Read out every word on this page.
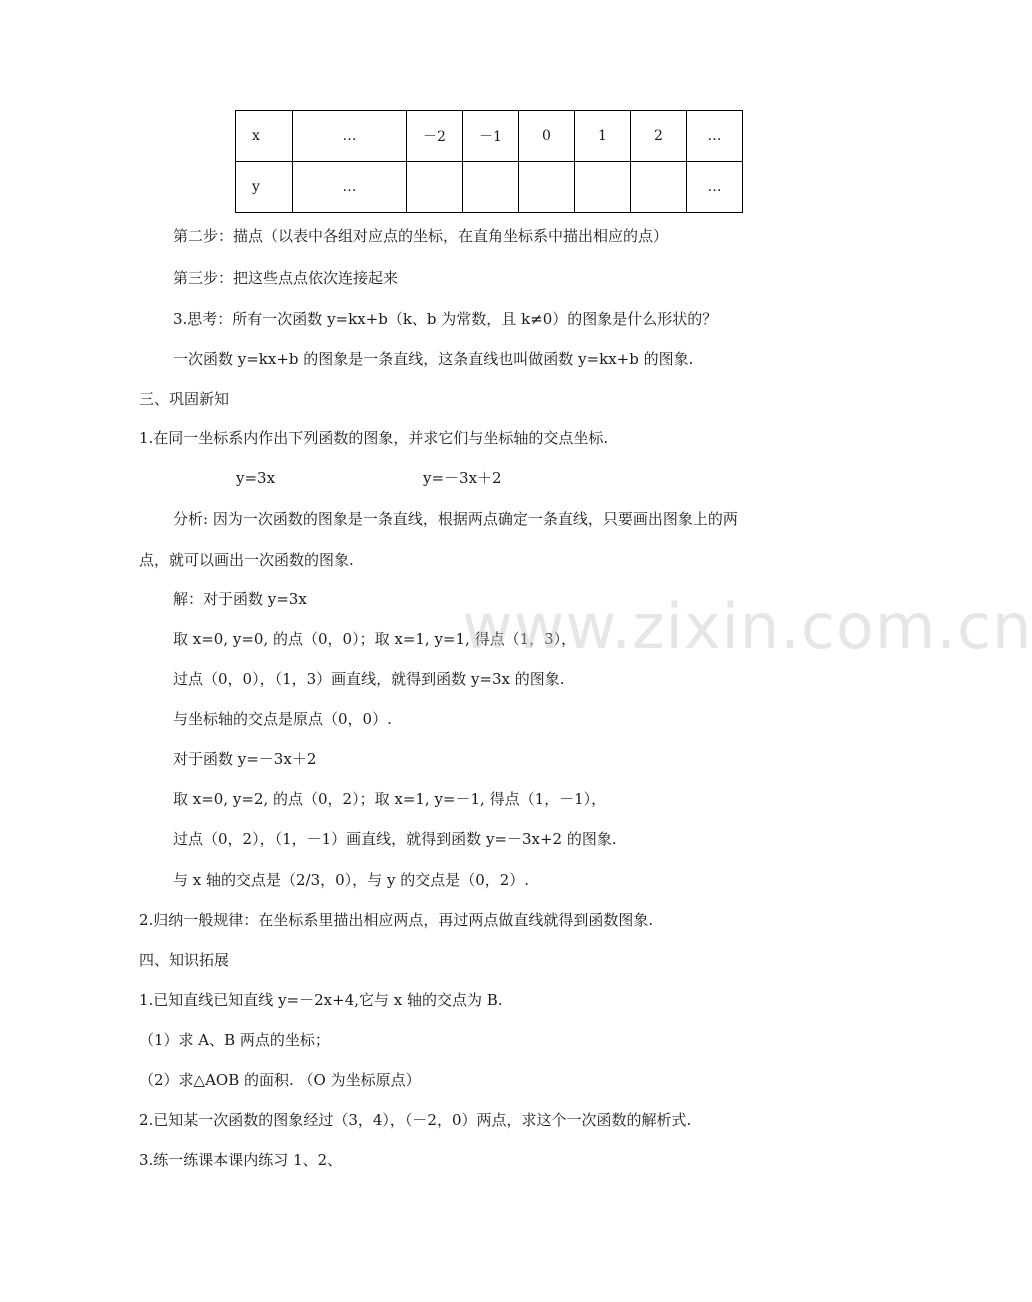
x	…	－2	－1	0	1	2	…
y	…						…
第二步：描点（以表中各组对应点的坐标，在直角坐标系中描出相应的点）
第三步：把这些点点依次连接起来
3.思考：所有一次函数 y=kx+b（k、b 为常数，且 k≠0）的图象是什么形状的？
一次函数 y=kx+b 的图象是一条直线，这条直线也叫做函数 y=kx+b 的图象.
三、巩固新知
1.在同一坐标系内作出下列函数的图象，并求它们与坐标轴的交点坐标.
y=3x	y=－3x＋2
分析: 因为一次函数的图象是一条直线，根据两点确定一条直线，只要画出图象上的两
点，就可以画出一次函数的图象.
解：对于函数 y=3x
取 x=0, y=0, 的点（0，0）；取 x=1, y=1, 得点（1，3），
过点（0，0），（1，3）画直线，就得到函数 y=3x 的图象.
与坐标轴的交点是原点（0，0）.
对于函数 y=－3x＋2
取 x=0, y=2, 的点（0，2）；取 x=1, y=－1, 得点（1，－1），
过点（0，2），（1，－1）画直线，就得到函数 y=－3x+2 的图象.
与 x 轴的交点是（2/3，0），与 y 的交点是（0，2）.
2.归纳一般规律：在坐标系里描出相应两点，再过两点做直线就得到函数图象.
四、知识拓展
1.已知直线已知直线 y=－2x+4,它与 x 轴的交点为 B.
（1）求 A、B 两点的坐标；
（2）求△AOB 的面积. （O 为坐标原点）
2.已知某一次函数的图象经过（3，4），（－2，0）两点，求这个一次函数的解析式.
3.练一练课本课内练习 1、2、
www.zixin.com.cn
